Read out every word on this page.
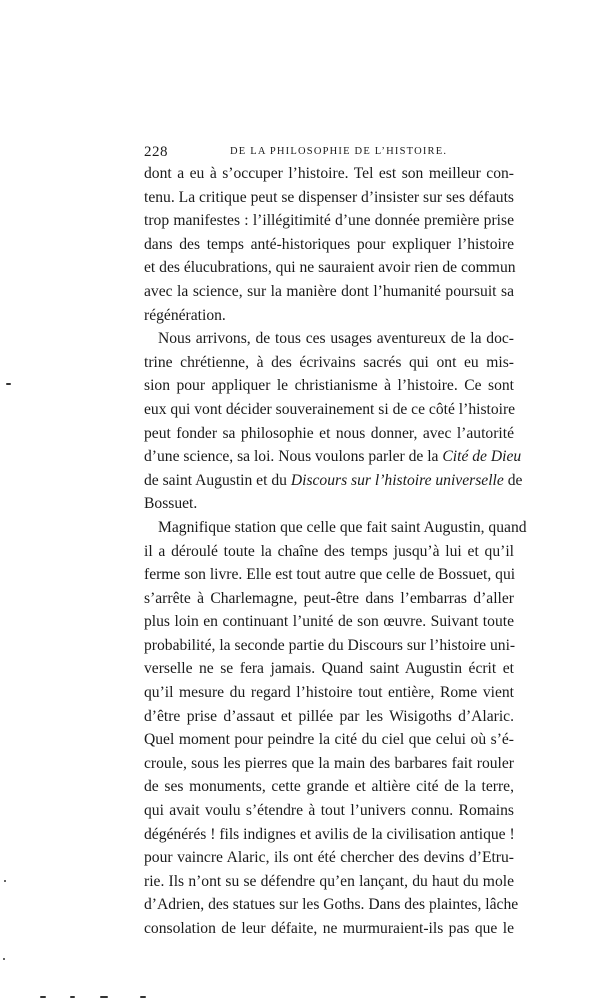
228	DE LA PHILOSOPHIE DE L’HISTOIRE.
dont a eu à s’occuper l’histoire. Tel est son meilleur con-
tenu. La critique peut se dispenser d’insister sur ses défauts
trop manifestes : l’illégitimité d’une donnée première prise
dans des temps anté-historiques pour expliquer l’histoire
et des élucubrations, qui ne sauraient avoir rien de commun
avec la science, sur la manière dont l’humanité poursuit sa
régénération.
Nous arrivons, de tous ces usages aventureux de la doc-
trine chrétienne, à des écrivains sacrés qui ont eu mis-
sion pour appliquer le christianisme à l’histoire. Ce sont
eux qui vont décider souverainement si de ce côté l’histoire
peut fonder sa philosophie et nous donner, avec l’autorité
d’une science, sa loi. Nous voulons parler de la Cité de Dieu
de saint Augustin et du Discours sur l’histoire universelle de
Bossuet.
Magnifique station que celle que fait saint Augustin, quand
il a déroulé toute la chaîne des temps jusqu’à lui et qu’il
ferme son livre. Elle est tout autre que celle de Bossuet, qui
s’arrête à Charlemagne, peut-être dans l’embarras d’aller
plus loin en continuant l’unité de son œuvre. Suivant toute
probabilité, la seconde partie du Discours sur l’histoire uni-
verselle ne se fera jamais. Quand saint Augustin écrit et
qu’il mesure du regard l’histoire tout entière, Rome vient
d’être prise d’assaut et pillée par les Wisigoths d’Alaric.
Quel moment pour peindre la cité du ciel que celui où s’é-
croule, sous les pierres que la main des barbares fait rouler
de ses monuments, cette grande et altière cité de la terre,
qui avait voulu s’étendre à tout l’univers connu. Romains
dégénérés ! fils indignes et avilis de la civilisation antique !
pour vaincre Alaric, ils ont été chercher des devins d’Etru-
rie. Ils n’ont su se défendre qu’en lançant, du haut du mole
d’Adrien, des statues sur les Goths. Dans des plaintes, lâche
consolation de leur défaite, ne murmuraient-ils pas que le
